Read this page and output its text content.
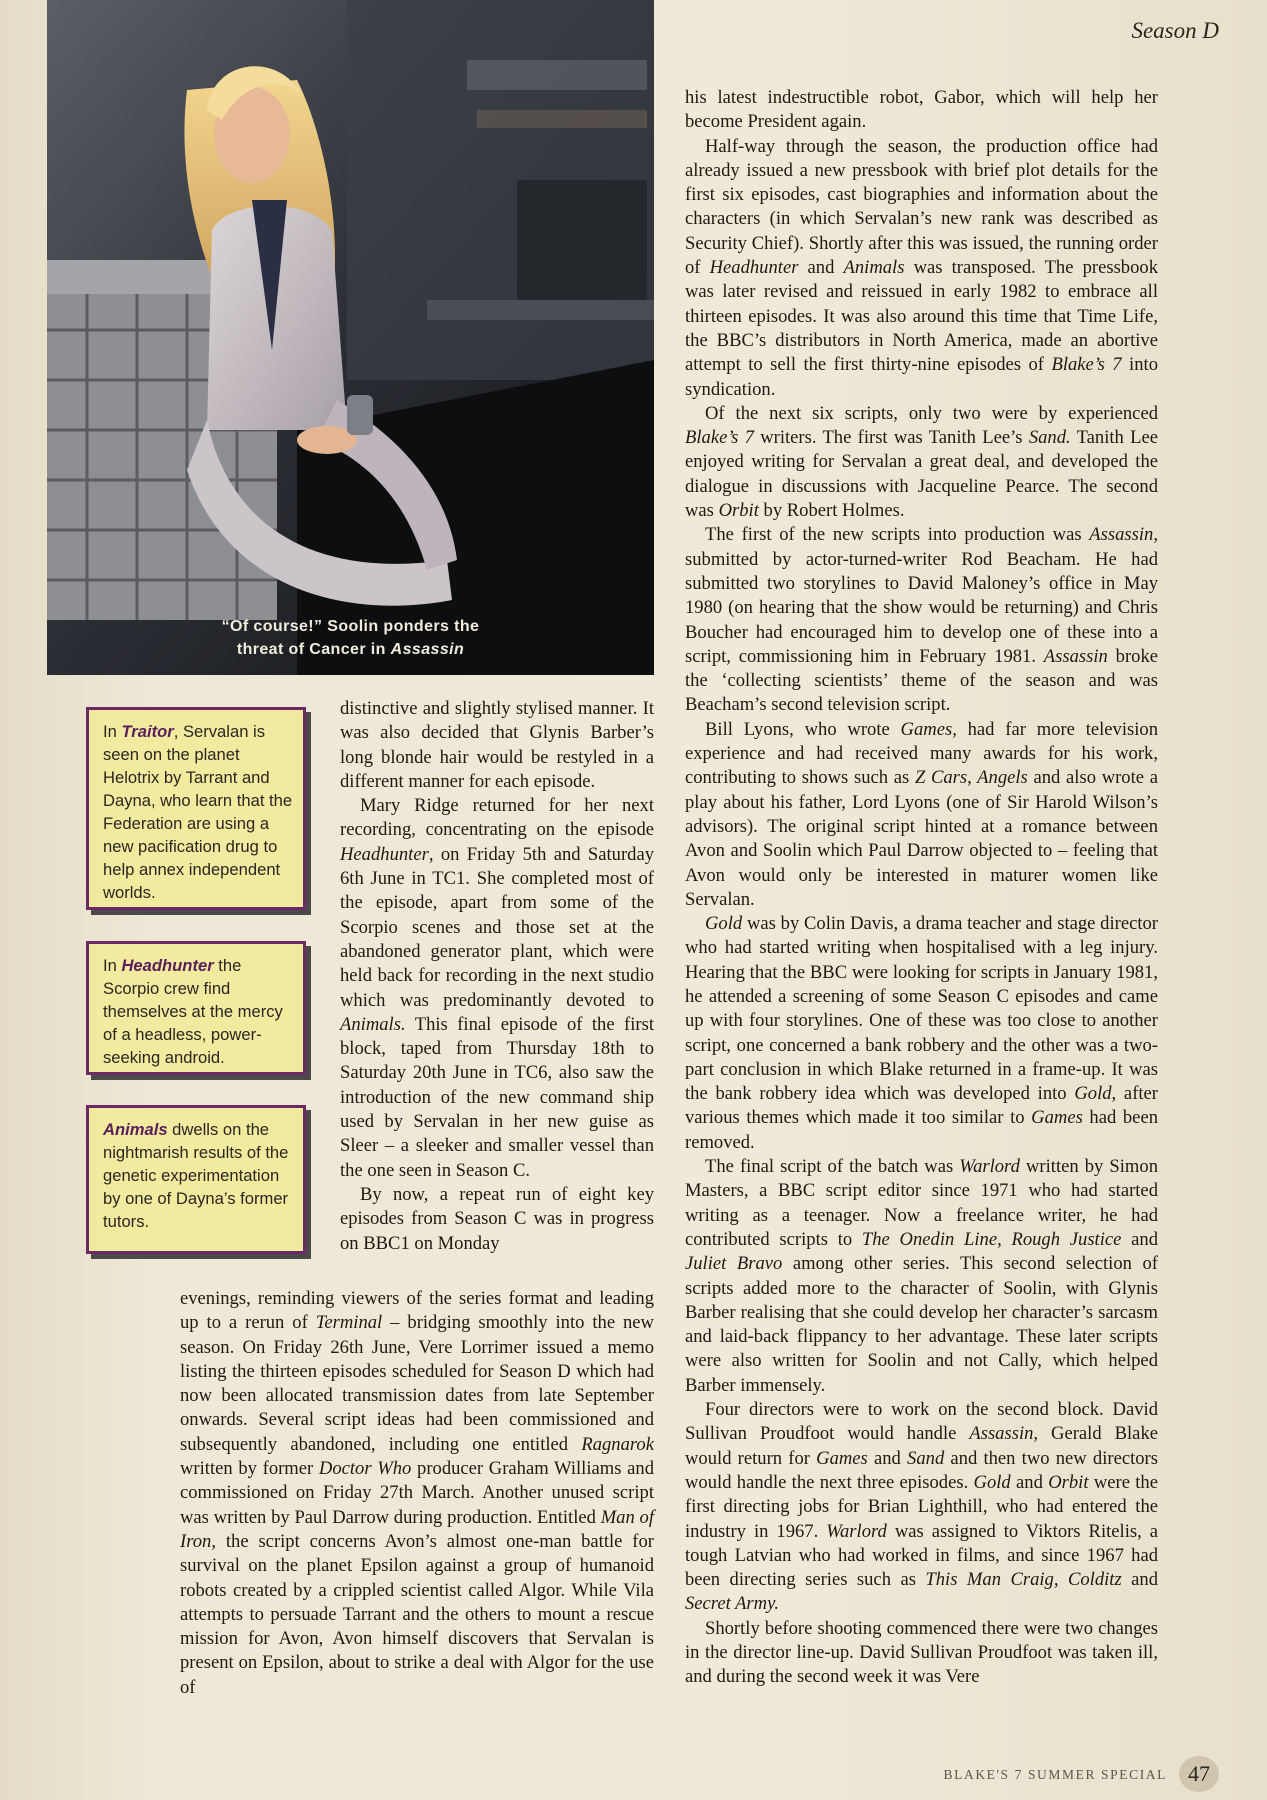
Season D
“Of course!” Soolin ponders the
threat of Cancer in Assassin
In Traitor, Servalan is seen on the planet Helotrix by Tarrant and Dayna, who learn that the Federation are using a new pacification drug to help annex independent worlds.
In Headhunter the Scorpio crew find themselves at the mercy of a headless, power-seeking android.
Animals dwells on the nightmarish results of the genetic experimentation by one of Dayna’s former tutors.

distinctive and slightly stylised manner. It was also decided that Glynis Barber’s long blonde hair would be restyled in a different manner for each episode.

Mary Ridge returned for her next recording, concentrating on the episode Headhunter, on Friday 5th and Saturday 6th June in TC1. She completed most of the episode, apart from some of the Scorpio scenes and those set at the abandoned generator plant, which were held back for recording in the next studio which was predominantly devoted to Animals. This final episode of the first block, taped from Thursday 18th to Saturday 20th June in TC6, also saw the introduction of the new command ship used by Servalan in her new guise as Sleer – a sleeker and smaller vessel than the one seen in Season C.

By now, a repeat run of eight key episodes from Season C was in progress on BBC1 on Monday

evenings, reminding viewers of the series format and leading up to a rerun of Terminal – bridging smoothly into the new season. On Friday 26th June, Vere Lorrimer issued a memo listing the thirteen episodes scheduled for Season D which had now been allocated transmission dates from late September onwards. Several script ideas had been commissioned and subsequently abandoned, including one entitled Ragnarok written by former Doctor Who producer Graham Williams and commissioned on Friday 27th March. Another unused script was written by Paul Darrow during production. Entitled Man of Iron, the script concerns Avon’s almost one-man battle for survival on the planet Epsilon against a group of humanoid robots created by a crippled scientist called Algor. While Vila attempts to persuade Tarrant and the others to mount a rescue mission for Avon, Avon himself discovers that Servalan is present on Epsilon, about to strike a deal with Algor for the use of

his latest indestructible robot, Gabor, which will help her become President again.

Half-way through the season, the production office had already issued a new pressbook with brief plot details for the first six episodes, cast biographies and information about the characters (in which Servalan’s new rank was described as Security Chief). Shortly after this was issued, the running order of Headhunter and Animals was transposed. The pressbook was later revised and reissued in early 1982 to embrace all thirteen episodes. It was also around this time that Time Life, the BBC’s distributors in North America, made an abortive attempt to sell the first thirty-nine episodes of Blake’s 7 into syndication.

Of the next six scripts, only two were by experienced Blake’s 7 writers. The first was Tanith Lee’s Sand. Tanith Lee enjoyed writing for Servalan a great deal, and developed the dialogue in discussions with Jacqueline Pearce. The second was Orbit by Robert Holmes.

The first of the new scripts into production was Assassin, submitted by actor-turned-writer Rod Beacham. He had submitted two storylines to David Maloney’s office in May 1980 (on hearing that the show would be returning) and Chris Boucher had encouraged him to develop one of these into a script, commissioning him in February 1981. Assassin broke the ‘collecting scientists’ theme of the season and was Beacham’s second television script.

Bill Lyons, who wrote Games, had far more television experience and had received many awards for his work, contributing to shows such as Z Cars, Angels and also wrote a play about his father, Lord Lyons (one of Sir Harold Wilson’s advisors). The original script hinted at a romance between Avon and Soolin which Paul Darrow objected to – feeling that Avon would only be interested in maturer women like Servalan.

Gold was by Colin Davis, a drama teacher and stage director who had started writing when hospitalised with a leg injury. Hearing that the BBC were looking for scripts in January 1981, he attended a screening of some Season C episodes and came up with four storylines. One of these was too close to another script, one concerned a bank robbery and the other was a two-part conclusion in which Blake returned in a frame-up. It was the bank robbery idea which was developed into Gold, after various themes which made it too similar to Games had been removed.

The final script of the batch was Warlord written by Simon Masters, a BBC script editor since 1971 who had started writing as a teenager. Now a freelance writer, he had contributed scripts to The Onedin Line, Rough Justice and Juliet Bravo among other series. This second selection of scripts added more to the character of Soolin, with Glynis Barber realising that she could develop her character’s sarcasm and laid-back flippancy to her advantage. These later scripts were also written for Soolin and not Cally, which helped Barber immensely.

Four directors were to work on the second block. David Sullivan Proudfoot would handle Assassin, Gerald Blake would return for Games and Sand and then two new directors would handle the next three episodes. Gold and Orbit were the first directing jobs for Brian Lighthill, who had entered the industry in 1967. Warlord was assigned to Viktors Ritelis, a tough Latvian who had worked in films, and since 1967 had been directing series such as This Man Craig, Colditz and Secret Army.

Shortly before shooting commenced there were two changes in the director line-up. David Sullivan Proudfoot was taken ill, and during the second week it was Vere

BLAKE'S 7 SUMMER SPECIAL 47
